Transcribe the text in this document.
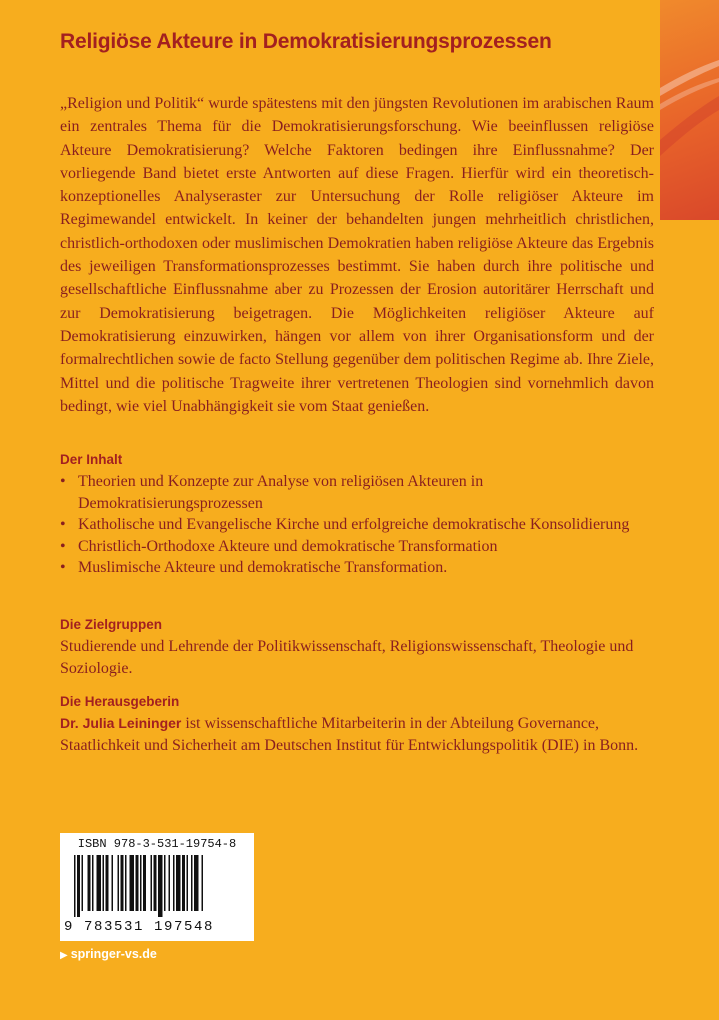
Religiöse Akteure in Demokratisierungsprozessen

„Religion und Politik“ wurde spätestens mit den jüngsten Revolutionen im arabischen Raum ein zentrales Thema für die Demokratisierungsforschung. Wie beeinflussen religiöse Akteure Demokratisierung? Welche Faktoren bedingen ihre Einflussnahme? Der vorliegende Band bietet erste Antworten auf diese Fragen. Hierfür wird ein theoretisch-konzeptionelles Analyseraster zur Untersuchung der Rolle religiöser Akteure im Regimewandel entwickelt. In keiner der behandelten jungen mehrheitlich christlichen, christlich-orthodoxen oder muslimischen Demokratien haben religiöse Akteure das Ergebnis des jeweiligen Transformationsprozesses bestimmt. Sie haben durch ihre politische und gesellschaftliche Einflussnahme aber zu Prozessen der Erosion autoritärer Herrschaft und zur Demokratisierung beigetragen. Die Möglichkeiten religiöser Akteure auf Demokratisierung einzuwirken, hängen vor allem von ihrer Organisationsform und der formalrechtlichen sowie de facto Stellung gegenüber dem politischen Regime ab. Ihre Ziele, Mittel und die politische Tragweite ihrer vertretenen Theologien sind vornehmlich davon bedingt, wie viel Unabhängigkeit sie vom Staat genießen.

Der Inhalt

• Theorien und Konzepte zur Analyse von religiösen Akteuren in Demokratisierungsprozessen
• Katholische und Evangelische Kirche und erfolgreiche demokratische Konsolidierung
• Christlich-Orthodoxe Akteure und demokratische Transformation
• Muslimische Akteure und demokratische Transformation.

Die Zielgruppen

Studierende und Lehrende der Politikwissenschaft, Religionswissenschaft, Theologie und Soziologie.

Die Herausgeberin

Dr. Julia Leininger ist wissenschaftliche Mitarbeiterin in der Abteilung Governance, Staatlichkeit und Sicherheit am Deutschen Institut für Entwicklungspolitik (DIE) in Bonn.

ISBN 978-3-531-19754-8
9 783531 197548
▶ springer-vs.de
